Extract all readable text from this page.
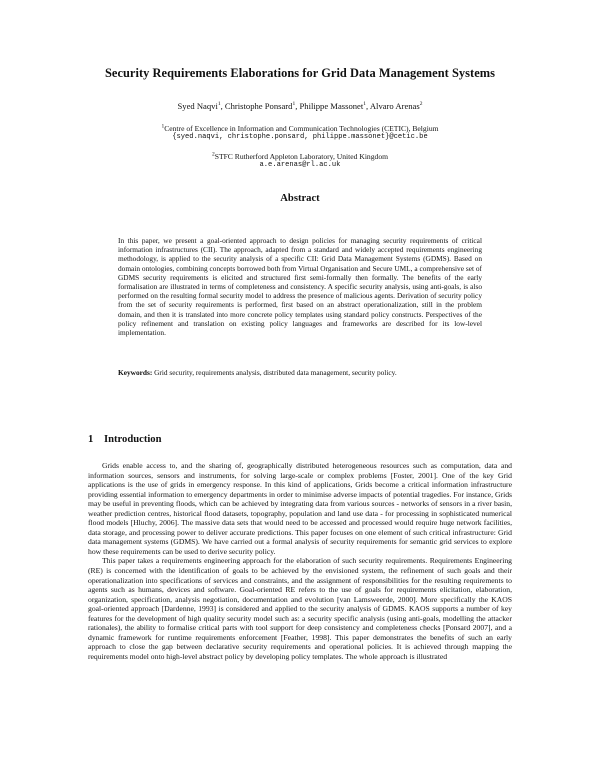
Security Requirements Elaborations for Grid Data Management Systems
Syed Naqvi$^1$, Christophe Ponsard$^1$, Philippe Massonet$^1$, Alvaro Arenas$^2$
$^1$Centre of Excellence in Information and Communication Technologies (CETIC), Belgium
{syed.naqvi, christophe.ponsard, philippe.massonet}@cetic.be
$^2$STFC Rutherford Appleton Laboratory, United Kingdom
a.e.arenas@rl.ac.uk
Abstract
In this paper, we present a goal-oriented approach to design policies for managing security requirements of critical information infrastructures (CII). The approach, adapted from a standard and widely accepted requirements engineering methodology, is applied to the security analysis of a specific CII: Grid Data Management Systems (GDMS). Based on domain ontologies, combining concepts borrowed both from Virtual Organisation and Secure UML, a comprehensive set of GDMS security requirements is elicited and structured first semi-formally then formally. The benefits of the early formalisation are illustrated in terms of completeness and consistency. A specific security analysis, using anti-goals, is also performed on the resulting formal security model to address the presence of malicious agents. Derivation of security policy from the set of security requirements is performed, first based on an abstract operationalization, still in the problem domain, and then it is translated into more concrete policy templates using standard policy constructs. Perspectives of the policy refinement and translation on existing policy languages and frameworks are described for its low-level implementation.
Keywords: Grid security, requirements analysis, distributed data management, security policy.
1 Introduction

Grids enable access to, and the sharing of, geographically distributed heterogeneous resources such as computation, data and information sources, sensors and instruments, for solving large-scale or complex problems [Foster, 2001]. One of the key Grid applications is the use of grids in emergency response. In this kind of applications, Grids become a critical information infrastructure providing essential information to emergency departments in order to minimise adverse impacts of potential tragedies. For instance, Grids may be useful in preventing floods, which can be achieved by integrating data from various sources - networks of sensors in a river basin, weather prediction centres, historical flood datasets, topography, population and land use data - for processing in sophisticated numerical flood models [Hluchy, 2006]. The massive data sets that would need to be accessed and processed would require huge network facilities, data storage, and processing power to deliver accurate predictions. This paper focuses on one element of such critical infrastructure: Grid data management systems (GDMS). We have carried out a formal analysis of security requirements for semantic grid services to explore how these requirements can be used to derive security policy.

This paper takes a requirements engineering approach for the elaboration of such security requirements. Requirements Engineering (RE) is concerned with the identification of goals to be achieved by the envisioned system, the refinement of such goals and their operationalization into specifications of services and constraints, and the assignment of responsibilities for the resulting requirements to agents such as humans, devices and software. Goal-oriented RE refers to the use of goals for requirements elicitation, elaboration, organization, specification, analysis negotiation, documentation and evolution [van Lamsweerde, 2000]. More specifically the KAOS goal-oriented approach [Dardenne, 1993] is considered and applied to the security analysis of GDMS. KAOS supports a number of key features for the development of high quality security model such as: a security specific analysis (using anti-goals, modelling the attacker rationales), the ability to formalise critical parts with tool support for deep consistency and completeness checks [Ponsard 2007], and a dynamic framework for runtime requirements enforcement [Feather, 1998]. This paper demonstrates the benefits of such an early approach to close the gap between declarative security requirements and operational policies. It is achieved through mapping the requirements model onto high-level abstract policy by developing policy templates. The whole approach is illustrated
